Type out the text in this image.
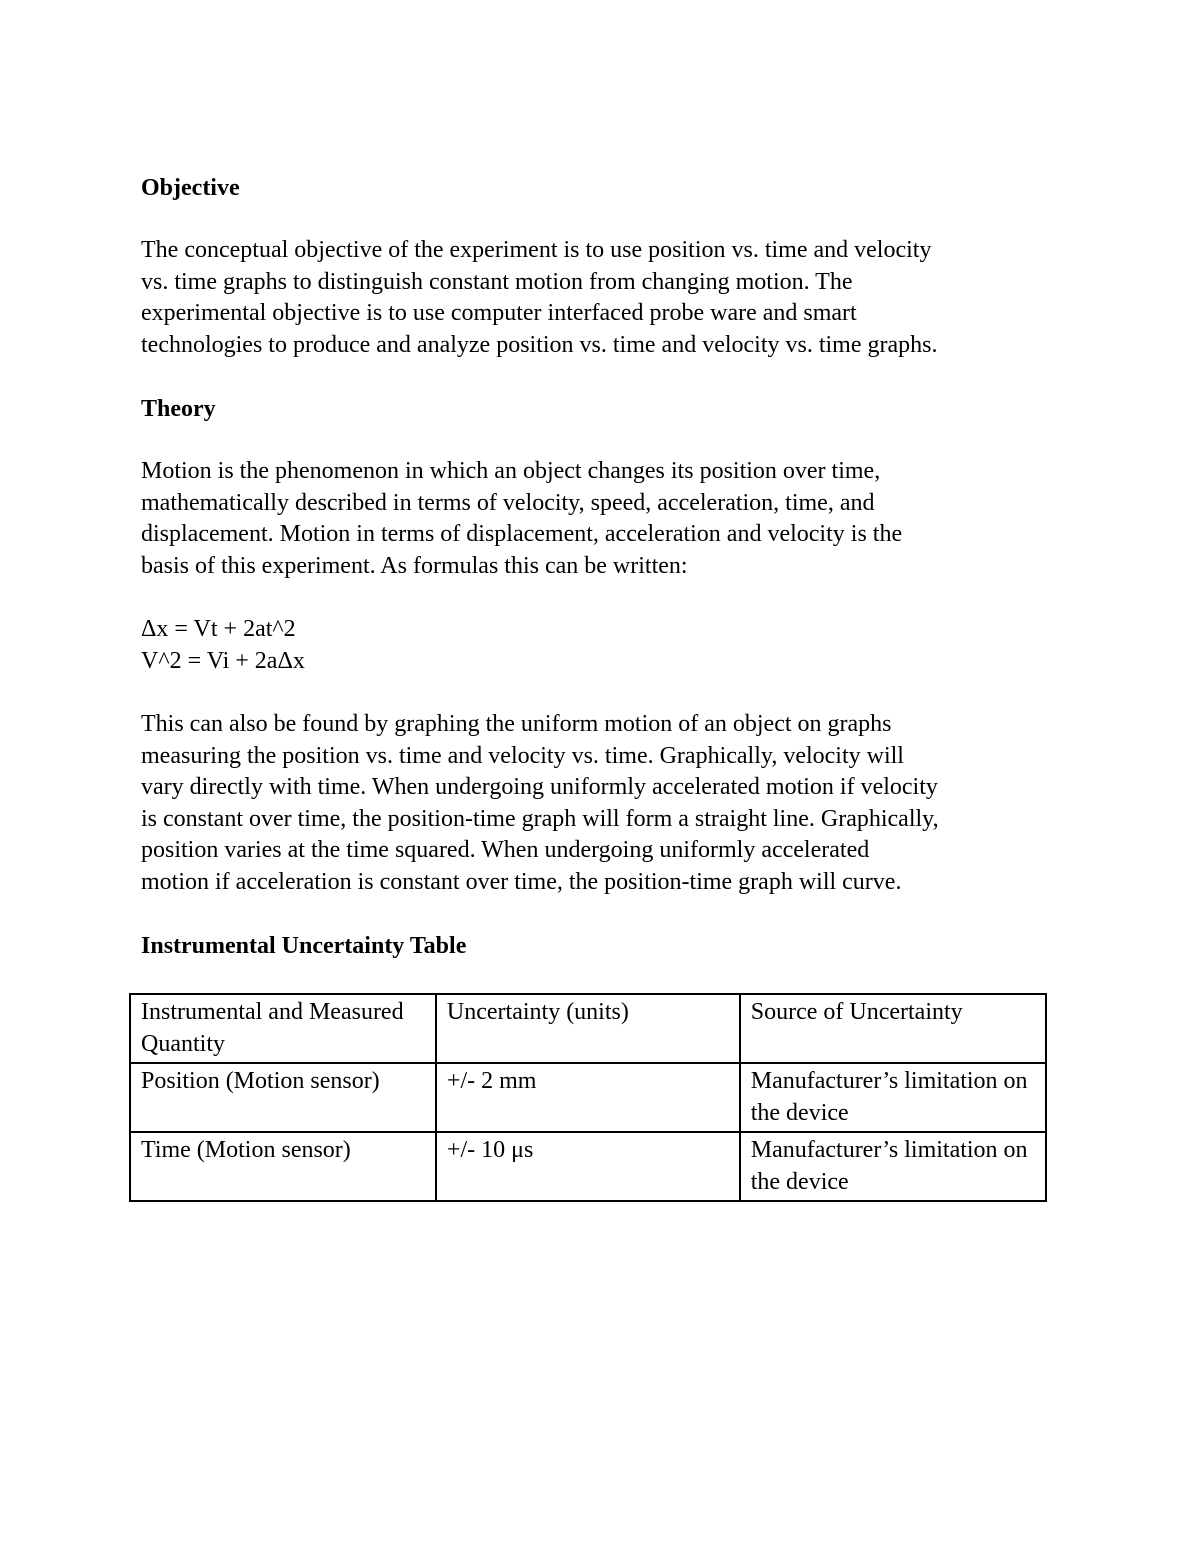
Objective

The conceptual objective of the experiment is to use position vs. time and velocity

vs. time graphs to distinguish constant motion from changing motion. The

experimental objective is to use computer interfaced probe ware and smart

technologies to produce and analyze position vs. time and velocity vs. time graphs.

Theory

Motion is the phenomenon in which an object changes its position over time,

mathematically described in terms of velocity, speed, acceleration, time, and

displacement. Motion in terms of displacement, acceleration and velocity is the

basis of this experiment. As formulas this can be written:

Δx = Vt + 2at^2

V^2 = Vi + 2aΔx

This can also be found by graphing the uniform motion of an object on graphs

measuring the position vs. time and velocity vs. time. Graphically, velocity will

vary directly with time. When undergoing uniformly accelerated motion if velocity

is constant over time, the position-time graph will form a straight line. Graphically,

position varies at the time squared. When undergoing uniformly accelerated

motion if acceleration is constant over time, the position-time graph will curve.

Instrumental Uncertainty Table

Instrumental and Measured Quantity	Uncertainty (units)	Source of Uncertainty
Position (Motion sensor)	+/- 2 mm	Manufacturer’s limitation on the device
Time (Motion sensor)	+/- 10 μs	Manufacturer’s limitation on the device
